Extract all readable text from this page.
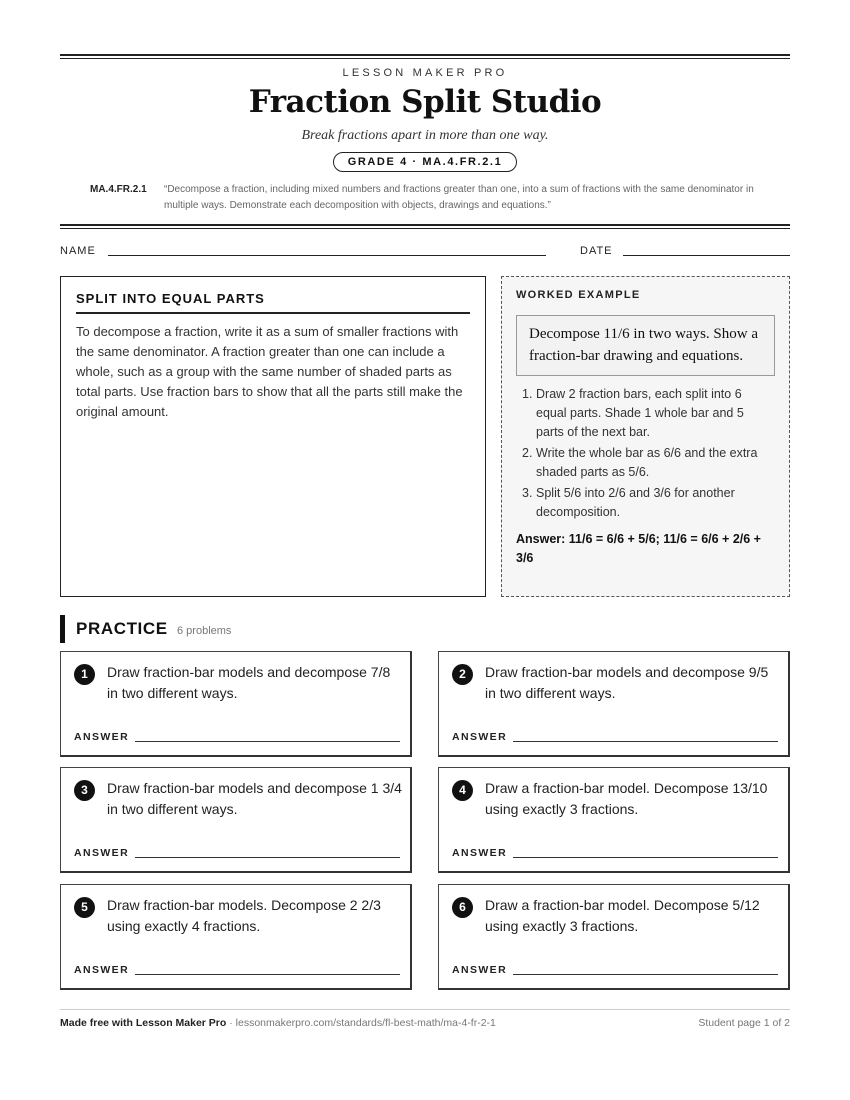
LESSON MAKER PRO
Fraction Split Studio
Break fractions apart in more than one way.
GRADE 4 · MA.4.FR.2.1
MA.4.FR.2.1 “Decompose a fraction, including mixed numbers and fractions greater than one, into a sum of fractions with the same denominator in multiple ways. Demonstrate each decomposition with objects, drawings and equations.”
NAME	DATE
SPLIT INTO EQUAL PARTS

To decompose a fraction, write it as a sum of smaller fractions with the same denominator. A fraction greater than one can include a whole, such as a group with the same number of shaded parts as total parts. Use fraction bars to show that all the parts still make the original amount.

WORKED EXAMPLE
Decompose 11/6 in two ways. Show a fraction-bar drawing and equations.
1. Draw 2 fraction bars, each split into 6 equal parts. Shade 1 whole bar and 5 parts of the next bar.
2. Write the whole bar as 6/6 and the extra shaded parts as 5/6.
3. Split 5/6 into 2/6 and 3/6 for another decomposition.
Answer: 11/6 = 6/6 + 5/6; 11/6 = 6/6 + 2/6 + 3/6
PRACTICE 6 problems
1	Draw fraction-bar models and decompose 7/8 in two different ways.
ANSWER
2	Draw fraction-bar models and decompose 9/5 in two different ways.
ANSWER
3	Draw fraction-bar models and decompose 1 3/4 in two different ways.
ANSWER
4	Draw a fraction-bar model. Decompose 13/10 using exactly 3 fractions.
ANSWER
5	Draw fraction-bar models. Decompose 2 2/3 using exactly 4 fractions.
ANSWER
6	Draw a fraction-bar model. Decompose 5/12 using exactly 3 fractions.
ANSWER
Made free with Lesson Maker Pro · lessonmakerpro.com/standards/fl-best-math/ma-4-fr-2-1	Student page 1 of 2
